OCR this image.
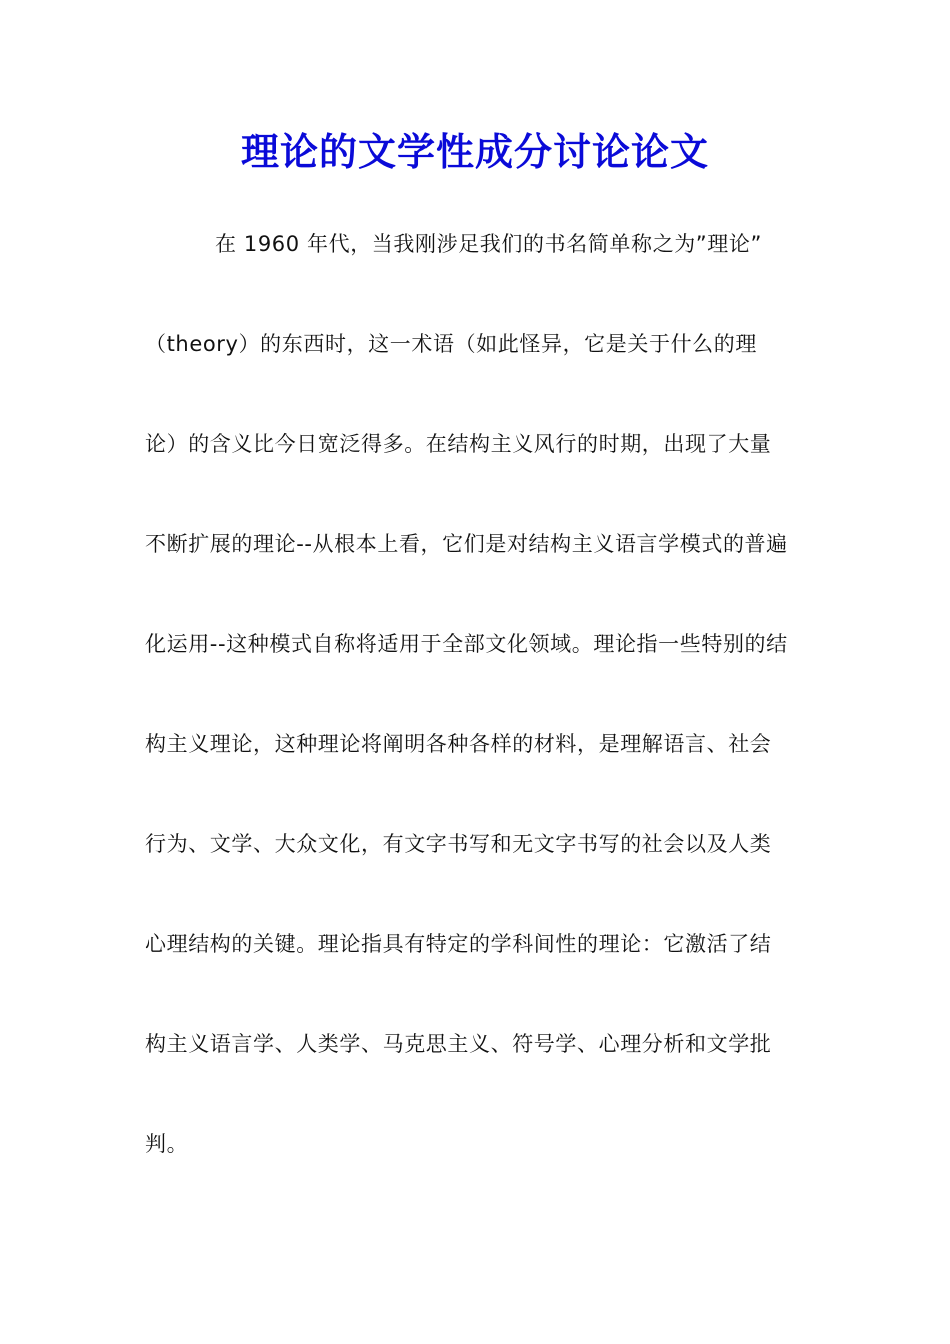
理论的文学性成分讨论论文
在 1960 年代，当我刚涉足我们的书名简单称之为”理论”
（theory）的东西时，这一术语（如此怪异，它是关于什么的理
论）的含义比今日宽泛得多。在结构主义风行的时期，出现了大量
不断扩展的理论--从根本上看，它们是对结构主义语言学模式的普遍
化运用--这种模式自称将适用于全部文化领域。理论指一些特别的结
构主义理论，这种理论将阐明各种各样的材料，是理解语言、社会
行为、文学、大众文化，有文字书写和无文字书写的社会以及人类
心理结构的关键。理论指具有特定的学科间性的理论：它激活了结
构主义语言学、人类学、马克思主义、符号学、心理分析和文学批
判。
